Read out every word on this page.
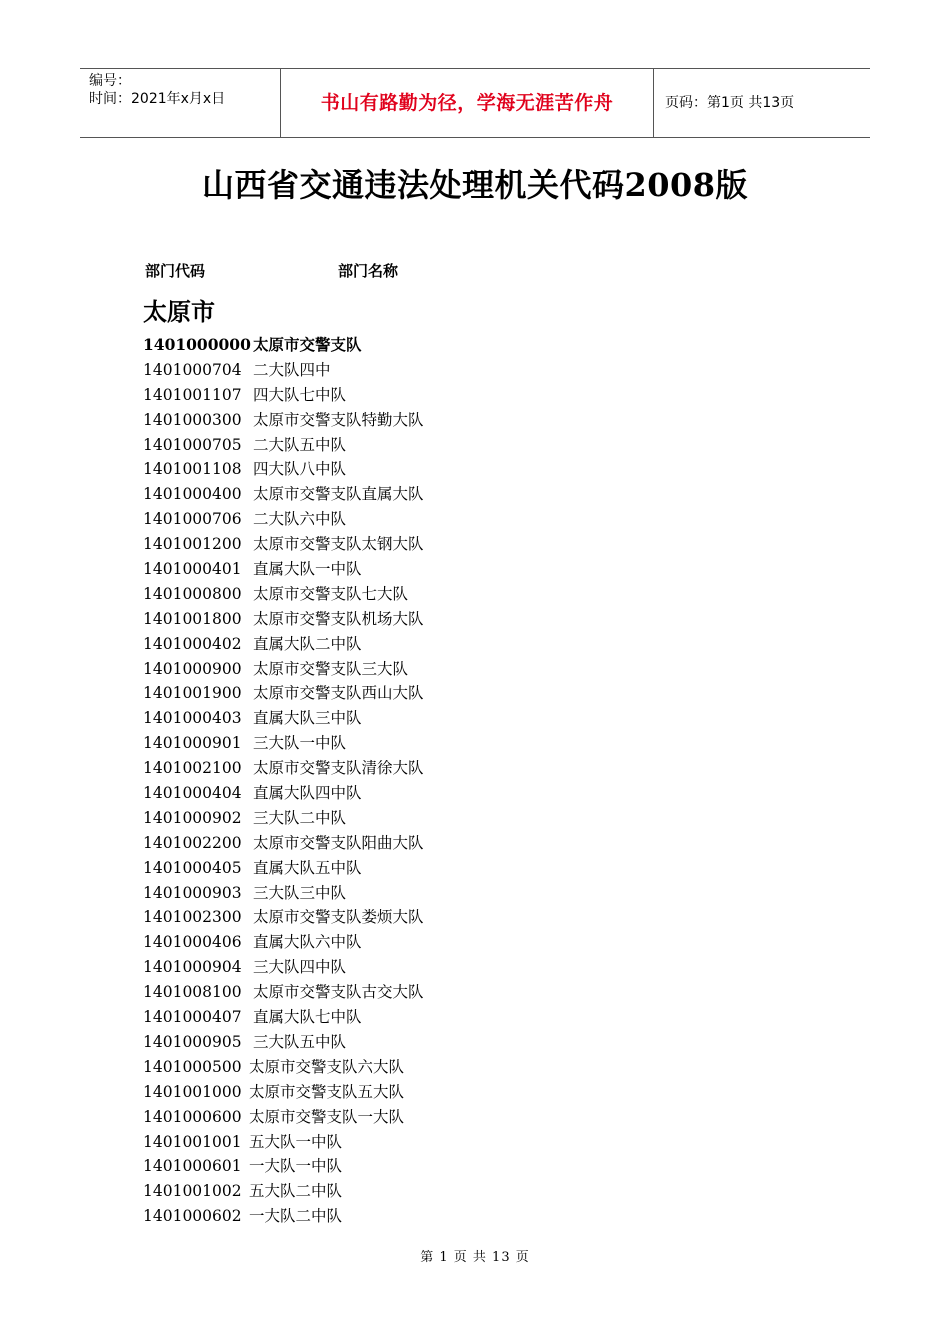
编号：
时间：2021年x月x日	书山有路勤为径，学海无涯苦作舟	页码：第1页 共13页
山西省交通违法处理机关代码2008版
部门代码	部门名称
太原市
1401000000 太原市交警支队
1401000704 二大队四中
1401001107 四大队七中队
1401000300 太原市交警支队特勤大队
1401000705 二大队五中队
1401001108 四大队八中队
1401000400 太原市交警支队直属大队
1401000706 二大队六中队
1401001200 太原市交警支队太钢大队
1401000401 直属大队一中队
1401000800 太原市交警支队七大队
1401001800 太原市交警支队机场大队
1401000402 直属大队二中队
1401000900 太原市交警支队三大队
1401001900 太原市交警支队西山大队
1401000403 直属大队三中队
1401000901 三大队一中队
1401002100 太原市交警支队清徐大队
1401000404 直属大队四中队
1401000902 三大队二中队
1401002200 太原市交警支队阳曲大队
1401000405 直属大队五中队
1401000903 三大队三中队
1401002300 太原市交警支队娄烦大队
1401000406 直属大队六中队
1401000904 三大队四中队
1401008100 太原市交警支队古交大队
1401000407 直属大队七中队
1401000905 三大队五中队
1401000500 太原市交警支队六大队
1401001000 太原市交警支队五大队
1401000600 太原市交警支队一大队
1401001001 五大队一中队
1401000601 一大队一中队
1401001002 五大队二中队
1401000602 一大队二中队
第 1 页 共 13 页
